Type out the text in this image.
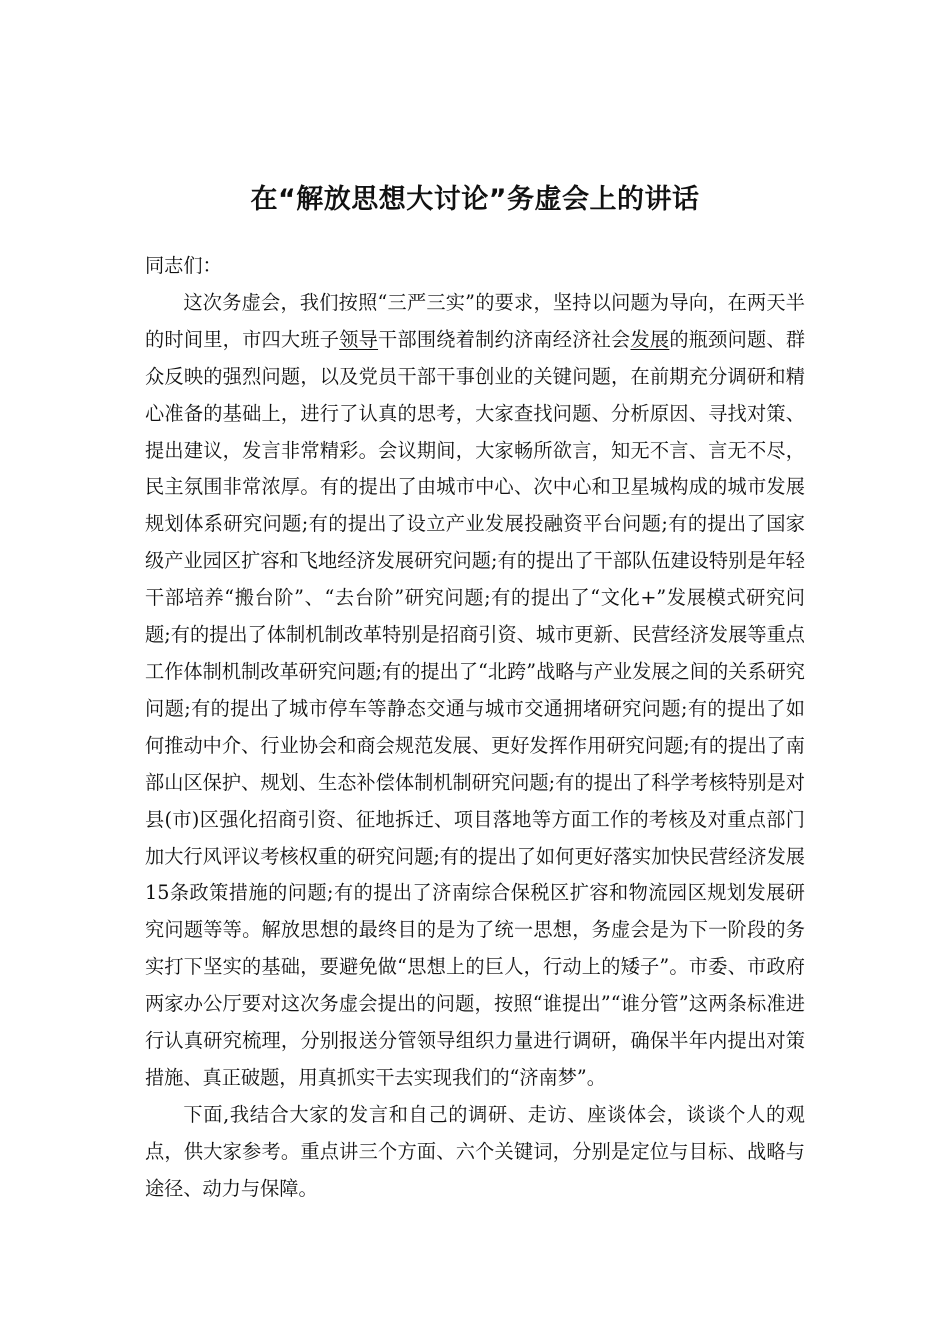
在“解放思想大讨论”务虚会上的讲话

同志们：

这次务虚会，我们按照“三严三实”的要求，坚持以问题为导向，在两天半的时间里，市四大班子领导干部围绕着制约济南经济社会发展的瓶颈问题、群众反映的强烈问题，以及党员干部干事创业的关键问题，在前期充分调研和精心准备的基础上，进行了认真的思考，大家查找问题、分析原因、寻找对策、提出建议，发言非常精彩。会议期间，大家畅所欲言，知无不言、言无不尽，民主氛围非常浓厚。有的提出了由城市中心、次中心和卫星城构成的城市发展规划体系研究问题;有的提出了设立产业发展投融资平台问题;有的提出了国家级产业园区扩容和飞地经济发展研究问题;有的提出了干部队伍建设特别是年轻干部培养“搬台阶”、“去台阶”研究问题;有的提出了“文化+”发展模式研究问题;有的提出了体制机制改革特别是招商引资、城市更新、民营经济发展等重点工作体制机制改革研究问题;有的提出了“北跨”战略与产业发展之间的关系研究问题;有的提出了城市停车等静态交通与城市交通拥堵研究问题;有的提出了如何推动中介、行业协会和商会规范发展、更好发挥作用研究问题;有的提出了南部山区保护、规划、生态补偿体制机制研究问题;有的提出了科学考核特别是对县(市)区强化招商引资、征地拆迁、项目落地等方面工作的考核及对重点部门加大行风评议考核权重的研究问题;有的提出了如何更好落实加快民营经济发展15条政策措施的问题;有的提出了济南综合保税区扩容和物流园区规划发展研究问题等等。解放思想的最终目的是为了统一思想，务虚会是为下一阶段的务实打下坚实的基础，要避免做“思想上的巨人，行动上的矮子”。市委、市政府两家办公厅要对这次务虚会提出的问题，按照“谁提出”“谁分管”这两条标准进行认真研究梳理，分别报送分管领导组织力量进行调研，确保半年内提出对策措施、真正破题，用真抓实干去实现我们的“济南梦”。

下面,我结合大家的发言和自己的调研、走访、座谈体会，谈谈个人的观点，供大家参考。重点讲三个方面、六个关键词，分别是定位与目标、战略与途径、动力与保障。
